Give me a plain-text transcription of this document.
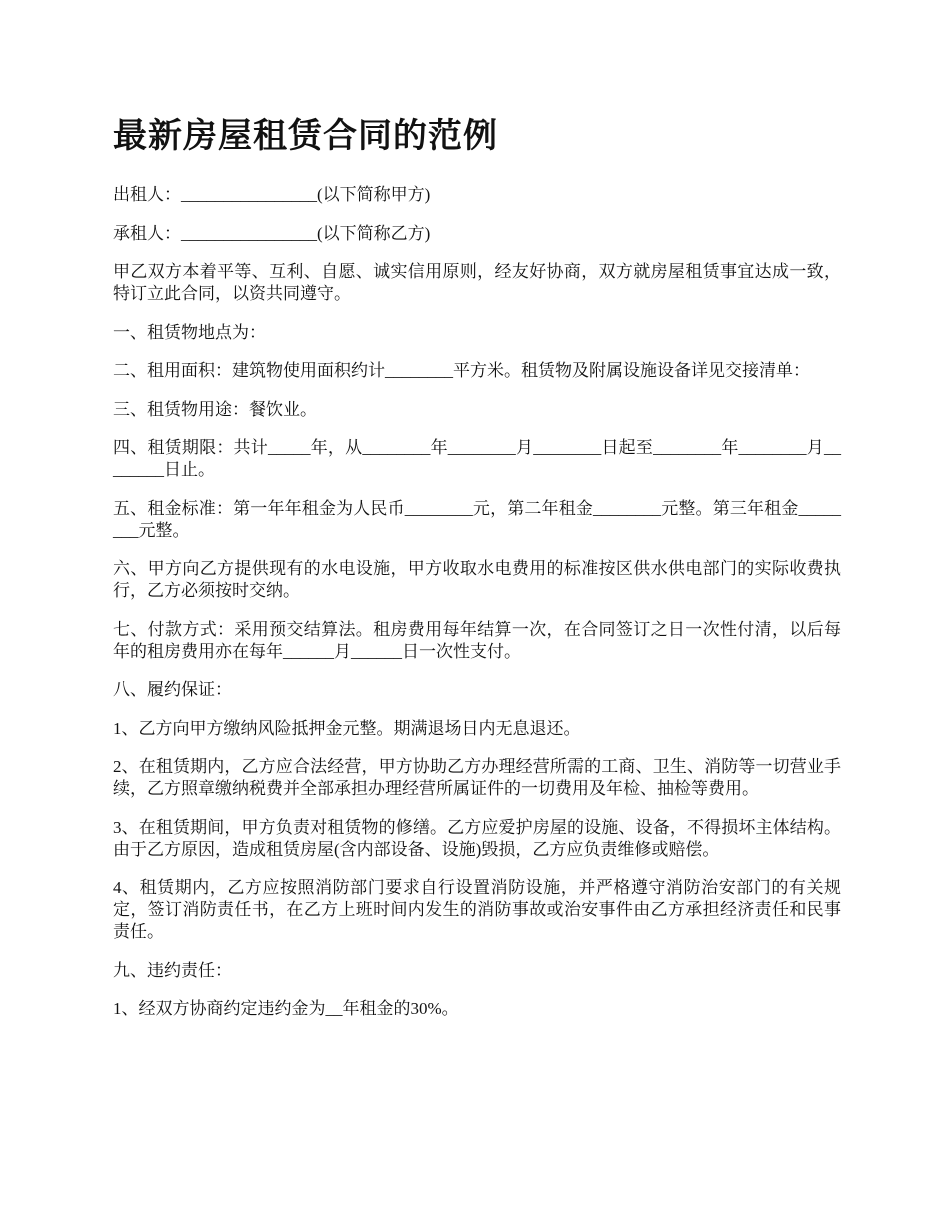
最新房屋租赁合同的范例

出租人：________________(以下简称甲方)

承租人：________________(以下简称乙方)

甲乙双方本着平等、互利、自愿、诚实信用原则，经友好协商，双方就房屋租赁事宜达成一致，特订立此合同，以资共同遵守。

一、租赁物地点为：

二、租用面积：建筑物使用面积约计________平方米。租赁物及附属设施设备详见交接清单：

三、租赁物用途：餐饮业。

四、租赁期限：共计_____年，从________年________月________日起至________年________月________日止。

五、租金标准：第一年年租金为人民币________元，第二年租金________元整。第三年租金________元整。

六、甲方向乙方提供现有的水电设施，甲方收取水电费用的标准按区供水供电部门的实际收费执行，乙方必须按时交纳。

七、付款方式：采用预交结算法。租房费用每年结算一次，在合同签订之日一次性付清，以后每年的租房费用亦在每年______月______日一次性支付。

八、履约保证：

1、乙方向甲方缴纳风险抵押金元整。期满退场日内无息退还。

2、在租赁期内，乙方应合法经营，甲方协助乙方办理经营所需的工商、卫生、消防等一切营业手续，乙方照章缴纳税费并全部承担办理经营所属证件的一切费用及年检、抽检等费用。

3、在租赁期间，甲方负责对租赁物的修缮。乙方应爱护房屋的设施、设备，不得损坏主体结构。由于乙方原因，造成租赁房屋(含内部设备、设施)毁损，乙方应负责维修或赔偿。

4、租赁期内，乙方应按照消防部门要求自行设置消防设施，并严格遵守消防治安部门的有关规定，签订消防责任书，在乙方上班时间内发生的消防事故或治安事件由乙方承担经济责任和民事责任。

九、违约责任：

1、经双方协商约定违约金为__年租金的30%。
